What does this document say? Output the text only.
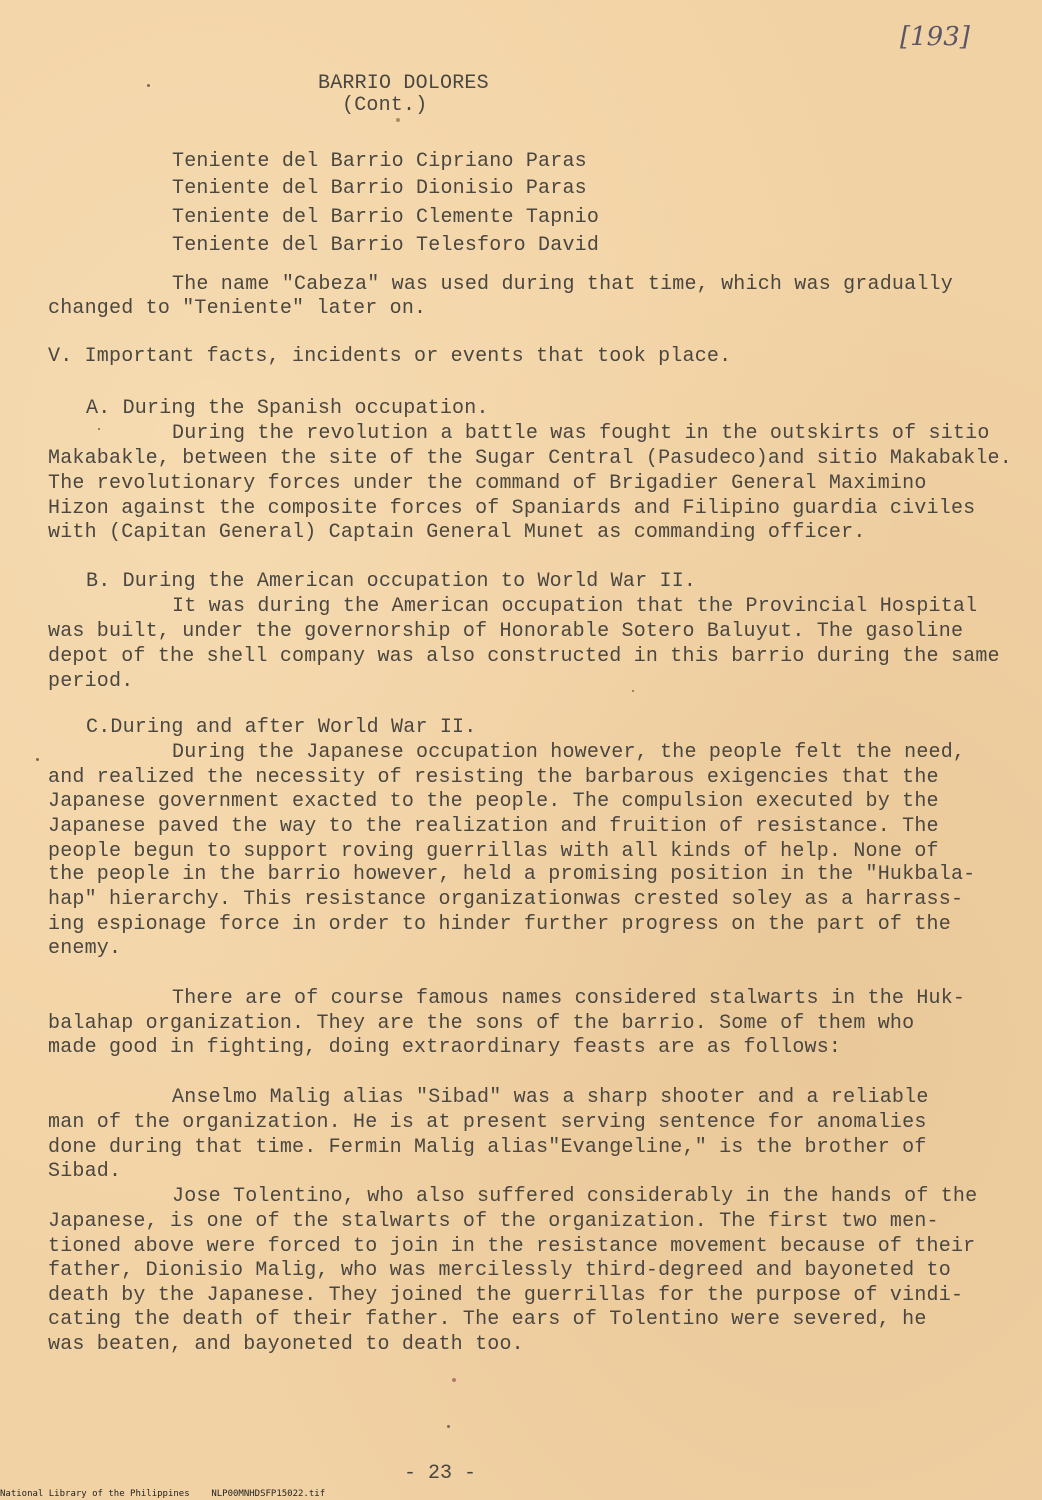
[193]
BARRIO DOLORES
(Cont.)
Teniente del Barrio Cipriano Paras
Teniente del Barrio Dionisio Paras
Teniente del Barrio Clemente Tapnio
Teniente del Barrio Telesforo David
The name "Cabeza" was used during that time, which was gradually
changed to "Teniente" later on.
V. Important facts, incidents or events that took place.
A. During the Spanish occupation.
During the revolution a battle was fought in the outskirts of sitio
Makabakle, between the site of the Sugar Central (Pasudeco)and sitio Makabakle.
The revolutionary forces under the command of Brigadier General Maximino
Hizon against the composite forces of Spaniards and Filipino guardia civiles
with (Capitan General) Captain General Munet as commanding officer.
B. During the American occupation to World War II.
It was during the American occupation that the Provincial Hospital
was built, under the governorship of Honorable Sotero Baluyut. The gasoline
depot of the shell company was also constructed in this barrio during the same
period.
C.During and after World War II.
During the Japanese occupation however, the people felt the need,
and realized the necessity of resisting the barbarous exigencies that the
Japanese government exacted to the people. The compulsion executed by the
Japanese paved the way to the realization and fruition of resistance. The
people begun to support roving guerrillas with all kinds of help. None of
the people in the barrio however, held a promising position in the "Hukbala-
hap" hierarchy. This resistance organizationwas crested soley as a harrass-
ing espionage force in order to hinder further progress on the part of the
enemy.
There are of course famous names considered stalwarts in the Huk-
balahap organization. They are the sons of the barrio. Some of them who
made good in fighting, doing extraordinary feasts are as follows:
Anselmo Malig alias "Sibad" was a sharp shooter and a reliable
man of the organization. He is at present serving sentence for anomalies
done during that time. Fermin Malig alias"Evangeline," is the brother of
Sibad.
Jose Tolentino, who also suffered considerably in the hands of the
Japanese, is one of the stalwarts of the organization. The first two men-
tioned above were forced to join in the resistance movement because of their
father, Dionisio Malig, who was mercilessly third-degreed and bayoneted to
death by the Japanese. They joined the guerrillas for the purpose of vindi-
cating the death of their father. The ears of Tolentino were severed, he
was beaten, and bayoneted to death too.
- 23 -
National Library of the Philippines    NLP00MNHDSFP15022.tif
